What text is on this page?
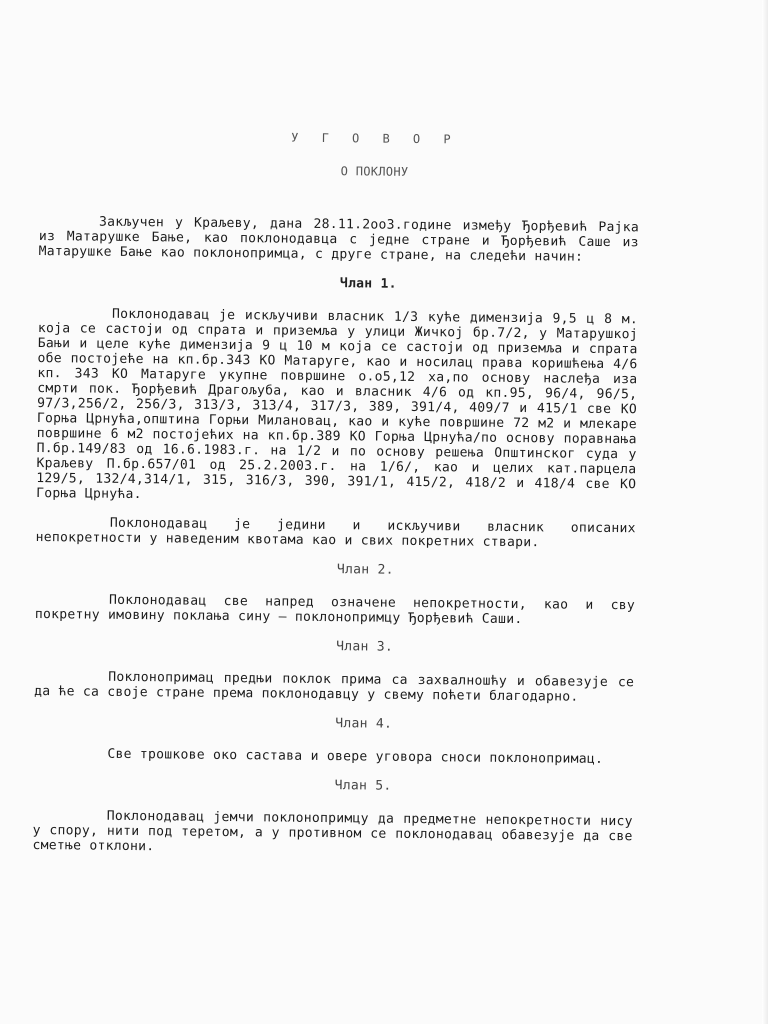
У Г О В О Р
О ПОКЛОНУ

Закључен у Краљеву, дана 28.11.2oo3.године између Ђорђевић Рајка из Матарушке Бање, као поклонодавца с једне стране и Ђорђевић Саше из Матарушке Бање као поклонопримца, с друге стране, на следећи начин:

Члан 1.

Поклонодавац је искључиви власник 1/3 куће димензија 9,5 ц 8 м. која се састоји од спрата и приземља у улици Жичкој бр.7/2, у Матарушкој Бањи и целе куће димензија 9 ц 10 м која се састоји од приземља и спрата обе постојеће на кп.бр.343 КО Матаруге, као и носилац права коришћења 4/6 кп. 343 КО Матаруге укупне површине о.о5,12 ха,по основу наслеђа иза смрти пок. Ђорђевић Драгољуба, као и власник 4/6 од кп.95, 96/4, 96/5, 97/3,256/2, 256/3, 313/3, 313/4, 317/3, 389, 391/4, 409/7 и 415/1 све КО Горња Црнућа,општина Горњи Милановац, као и куће површине 72 м2 и млекаре површине 6 м2 постојећих на кп.бр.389 КО Горња Црнућа/по основу поравнања П.бр.149/83 од 16.6.1983.г. на 1/2 и по основу решења Општинског суда у Краљеву П.бр.657/01 од 25.2.2003.г. на 1/6/, као и целих кат.парцела 129/5, 132/4,314/1, 315, 316/3, 390, 391/1, 415/2, 418/2 и 418/4 све КО Горња Црнућа.

Поклонодавац је једини и искључиви власник описаних непокретности у наведеним квотама као и свих покретних ствари.

Члан 2.

Поклонодавац све напред означене непокретности, као и сву покретну имовину поклања сину – поклонопримцу Ђорђевић Саши.

Члан 3.

Поклонопримац предњи поклок прима са захвалношћу и обавезује се да ће са своје стране према поклонодавцу у свему поћети благодарно.

Члан 4.

Све трошкове око састава и овере уговора сноси поклонопримац.

Члан 5.

Поклонодавац јемчи поклонопримцу да предметне непокретности нису у спору, нити под теретом, а у противном се поклонодавац обавезује да све сметње отклони.
